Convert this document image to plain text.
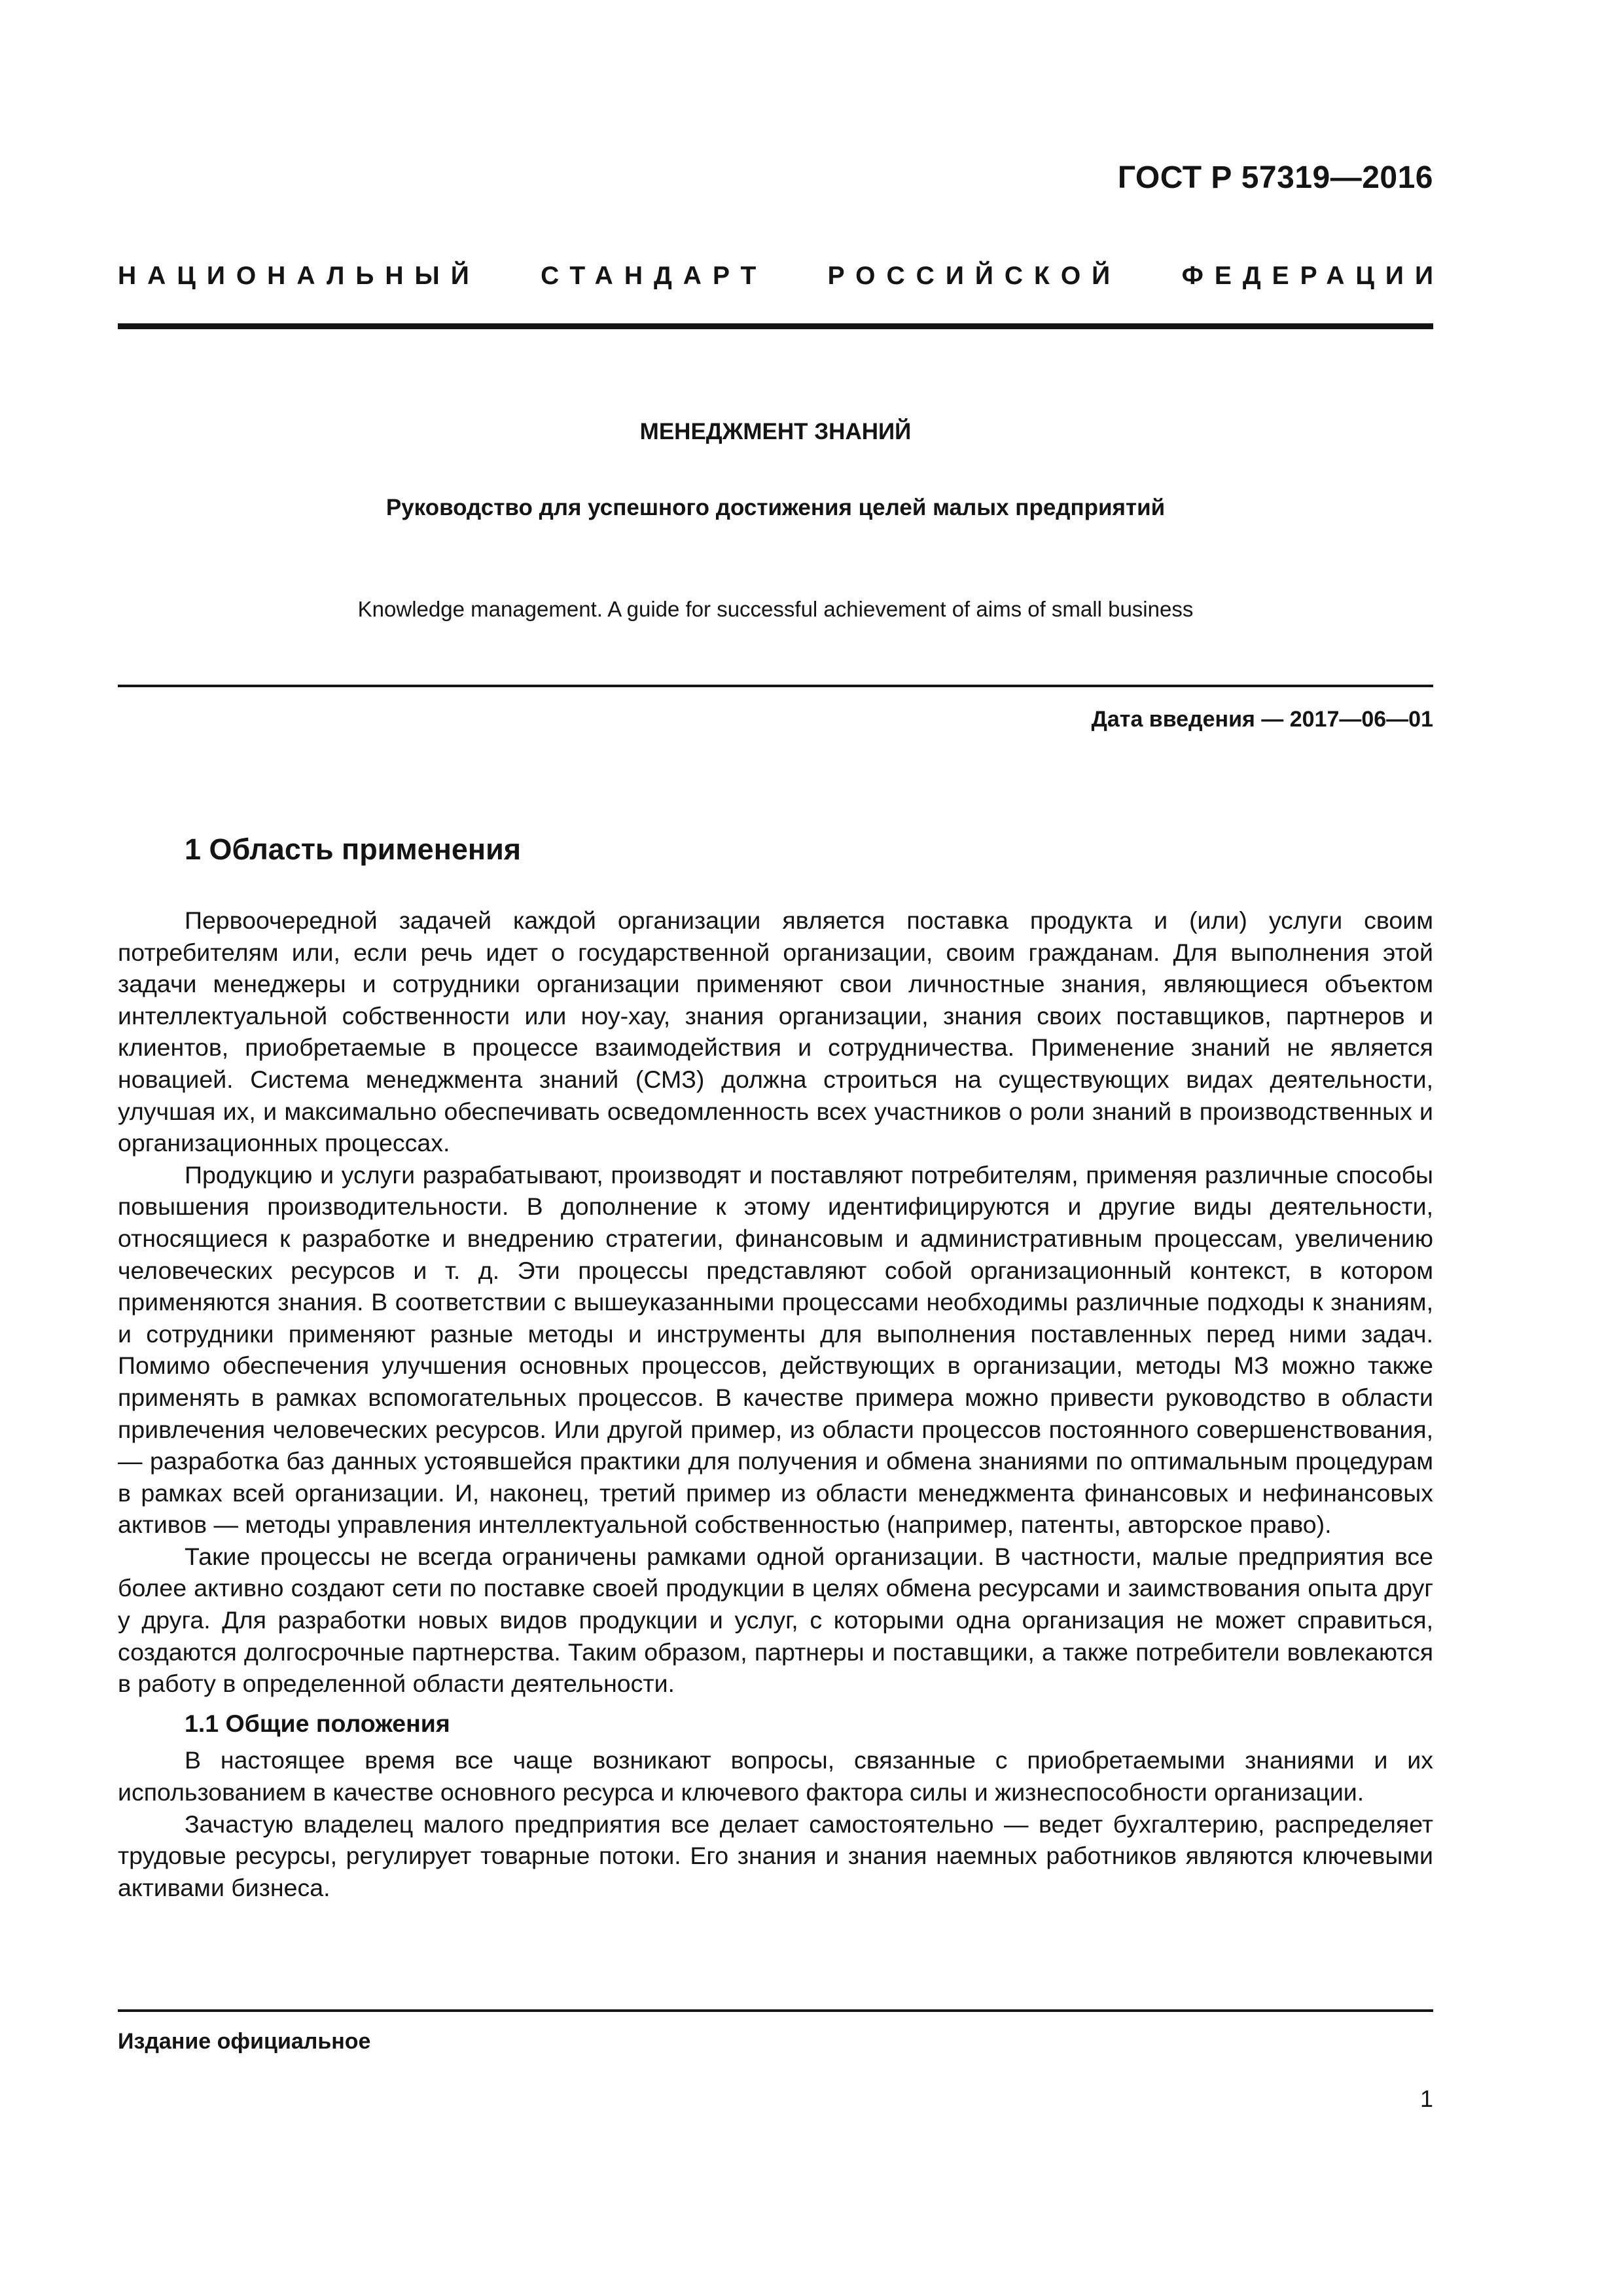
ГОСТ Р 57319—2016
НАЦИОНАЛЬНЫЙ СТАНДАРТ РОССИЙСКОЙ ФЕДЕРАЦИИ
МЕНЕДЖМЕНТ ЗНАНИЙ
Руководство для успешного достижения целей малых предприятий
Knowledge management. A guide for successful achievement of aims of small business
Дата введения — 2017—06—01
1 Область применения

Первоочередной задачей каждой организации является поставка продукта и (или) услуги своим потребителям или, если речь идет о государственной организации, своим гражданам. Для выполнения этой задачи менеджеры и сотрудники организации применяют свои личностные знания, являющиеся объектом интеллектуальной собственности или ноу-хау, знания организации, знания своих поставщиков, партнеров и клиентов, приобретаемые в процессе взаимодействия и сотрудничества. Применение знаний не является новацией. Система менеджмента знаний (СМЗ) должна строиться на существующих видах деятельности, улучшая их, и максимально обеспечивать осведомленность всех участников о роли знаний в производственных и организационных процессах.

Продукцию и услуги разрабатывают, производят и поставляют потребителям, применяя различные способы повышения производительности. В дополнение к этому идентифицируются и другие виды деятельности, относящиеся к разработке и внедрению стратегии, финансовым и административным процессам, увеличению человеческих ресурсов и т. д. Эти процессы представляют собой организационный контекст, в котором применяются знания. В соответствии с вышеуказанными процессами необходимы различные подходы к знаниям, и сотрудники применяют разные методы и инструменты для выполнения поставленных перед ними задач. Помимо обеспечения улучшения основных процессов, действующих в организации, методы МЗ можно также применять в рамках вспомогательных процессов. В качестве примера можно привести руководство в области привлечения человеческих ресурсов. Или другой пример, из области процессов постоянного совершенствования, — разработка баз данных устоявшейся практики для получения и обмена знаниями по оптимальным процедурам в рамках всей организации. И, наконец, третий пример из области менеджмента финансовых и нефинансовых активов — методы управления интеллектуальной собственностью (например, патенты, авторское право).

Такие процессы не всегда ограничены рамками одной организации. В частности, малые предприятия все более активно создают сети по поставке своей продукции в целях обмена ресурсами и заимствования опыта друг у друга. Для разработки новых видов продукции и услуг, с которыми одна организация не может справиться, создаются долгосрочные партнерства. Таким образом, партнеры и поставщики, а также потребители вовлекаются в работу в определенной области деятельности.

1.1 Общие положения

В настоящее время все чаще возникают вопросы, связанные с приобретаемыми знаниями и их использованием в качестве основного ресурса и ключевого фактора силы и жизнеспособности организации.

Зачастую владелец малого предприятия все делает самостоятельно — ведет бухгалтерию, распределяет трудовые ресурсы, регулирует товарные потоки. Его знания и знания наемных работников являются ключевыми активами бизнеса.

Издание официальное
1
